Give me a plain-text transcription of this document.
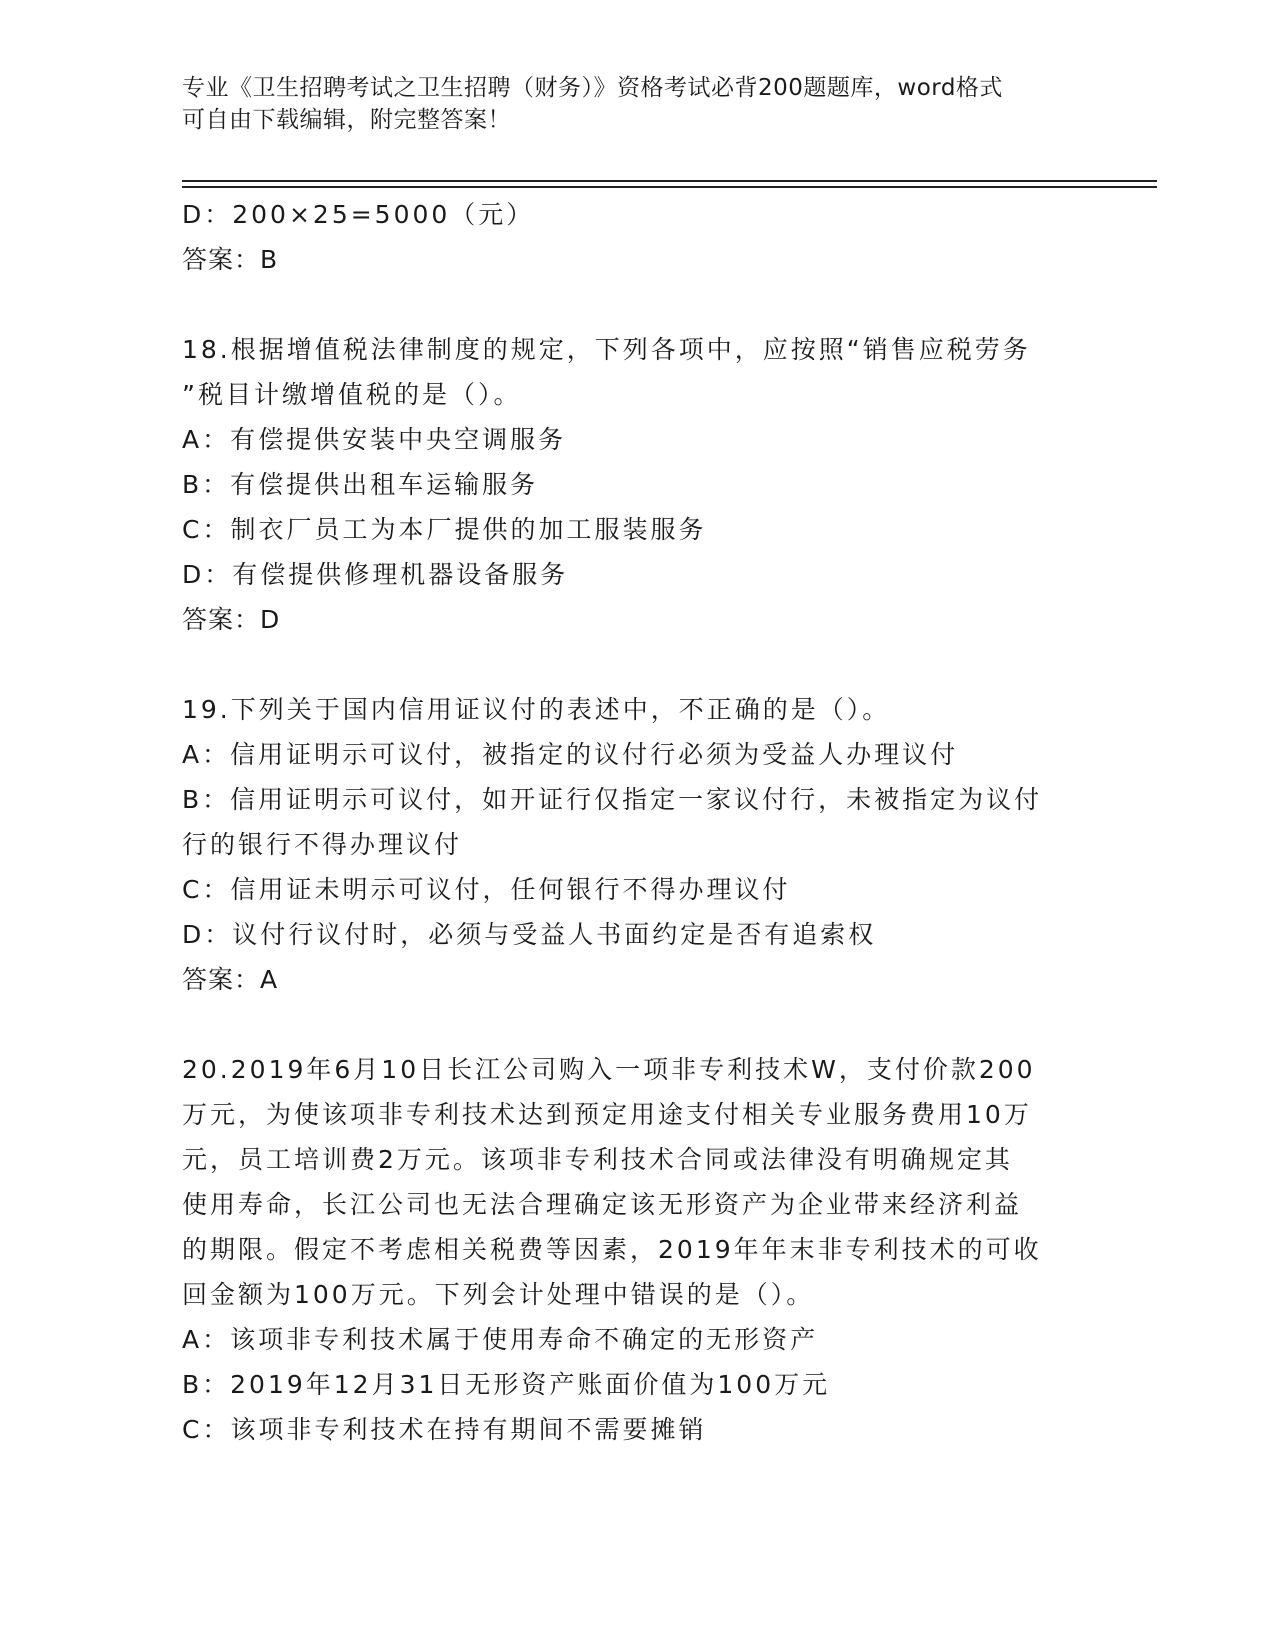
专业《卫生招聘考试之卫生招聘（财务）》资格考试必背200题题库，word格式
可自由下载编辑，附完整答案！
D：200×25=5000（元）
答案：B
18.根据增值税法律制度的规定，下列各项中，应按照“销售应税劳务
”税目计缴增值税的是（）。
A：有偿提供安装中央空调服务
B：有偿提供出租车运输服务
C：制衣厂员工为本厂提供的加工服装服务
D：有偿提供修理机器设备服务
答案：D
19.下列关于国内信用证议付的表述中，不正确的是（）。
A：信用证明示可议付，被指定的议付行必须为受益人办理议付
B：信用证明示可议付，如开证行仅指定一家议付行，未被指定为议付
行的银行不得办理议付
C：信用证未明示可议付，任何银行不得办理议付
D：议付行议付时，必须与受益人书面约定是否有追索权
答案：A
20.2019年6月10日长江公司购入一项非专利技术W，支付价款200
万元，为使该项非专利技术达到预定用途支付相关专业服务费用10万
元，员工培训费2万元。该项非专利技术合同或法律没有明确规定其
使用寿命，长江公司也无法合理确定该无形资产为企业带来经济利益
的期限。假定不考虑相关税费等因素，2019年年末非专利技术的可收
回金额为100万元。下列会计处理中错误的是（）。
A：该项非专利技术属于使用寿命不确定的无形资产
B：2019年12月31日无形资产账面价值为100万元
C：该项非专利技术在持有期间不需要摊销
